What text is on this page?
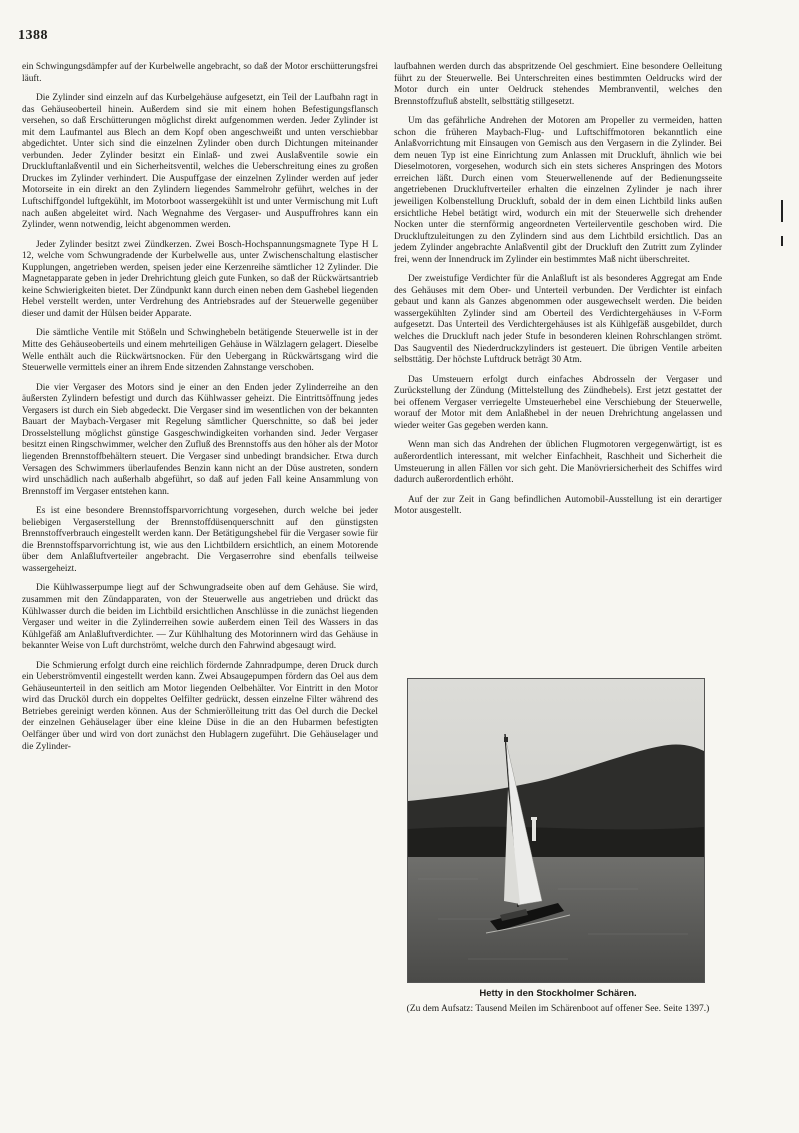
1388

ein Schwingungsdämpfer auf der Kurbelwelle angebracht, so daß der Motor erschütterungsfrei läuft.

Die Zylinder sind einzeln auf das Kurbelgehäuse aufgesetzt, ein Teil der Laufbahn ragt in das Gehäuseoberteil hinein. Außerdem sind sie mit einem hohen Befestigungsflansch versehen, so daß Erschütterungen möglichst direkt aufgenommen werden. Jeder Zylinder ist mit dem Laufmantel aus Blech an dem Kopf oben angeschweißt und unten verschiebbar abgedichtet. Unter sich sind die einzelnen Zylinder oben durch Dichtungen miteinander verbunden. Jeder Zylinder besitzt ein Einlaß- und zwei Auslaßventile sowie ein Druckluftanlaßventil und ein Sicherheitsventil, welches die Ueberschreitung eines zu großen Druckes im Zylinder verhindert. Die Auspuffgase der einzelnen Zylinder werden auf jeder Motorseite in ein direkt an den Zylindern liegendes Sammelrohr geführt, welches in der Luftschiffgondel luftgekühlt, im Motorboot wassergekühlt ist und unter Vermischung mit Luft nach außen abgeleitet wird. Nach Wegnahme des Vergaser- und Auspuffrohres kann ein Zylinder, wenn notwendig, leicht abgenommen werden.

Jeder Zylinder besitzt zwei Zündkerzen. Zwei Bosch-Hochspannungsmagnete Type H L 12, welche vom Schwungradende der Kurbelwelle aus, unter Zwischenschaltung elastischer Kupplungen, angetrieben werden, speisen jeder eine Kerzenreihe sämtlicher 12 Zylinder. Die Magnetapparate geben in jeder Drehrichtung gleich gute Funken, so daß der Rückwärtsantrieb keine Schwierigkeiten bietet. Der Zündpunkt kann durch einen neben dem Gashebel liegenden Hebel verstellt werden, unter Verdrehung des Antriebsrades auf der Steuerwelle gegenüber dieser und damit der Hülsen beider Apparate.

Die sämtliche Ventile mit Stößeln und Schwinghebeln betätigende Steuerwelle ist in der Mitte des Gehäuseoberteils und einem mehrteiligen Gehäuse in Wälzlagern gelagert. Dieselbe Welle enthält auch die Rückwärtsnocken. Für den Uebergang in Rückwärtsgang wird die Steuerwelle vermittels einer an ihrem Ende sitzenden Zahnstange verschoben.

Die vier Vergaser des Motors sind je einer an den Enden jeder Zylinderreihe an den äußersten Zylindern befestigt und durch das Kühlwasser geheizt. Die Eintrittsöffnung jedes Vergasers ist durch ein Sieb abgedeckt. Die Vergaser sind im wesentlichen von der bekannten Bauart der Maybach-Vergaser mit Regelung sämtlicher Querschnitte, so daß bei jeder Drosselstellung möglichst günstige Gasgeschwindigkeiten vorhanden sind. Jeder Vergaser besitzt einen Ringschwimmer, welcher den Zufluß des Brennstoffs aus den höher als der Motor liegenden Brennstoffbehältern steuert. Die Vergaser sind unbedingt brandsicher. Etwa durch Versagen des Schwimmers überlaufendes Benzin kann nicht an der Düse austreten, sondern wird unschädlich nach außerhalb abgeführt, so daß auf jeden Fall keine Ansammlung von Brennstoff im Vergaser entstehen kann.

Es ist eine besondere Brennstoffsparvorrichtung vorgesehen, durch welche bei jeder beliebigen Vergaserstellung der Brennstoffdüsenquerschnitt auf den günstigsten Brennstoffverbrauch eingestellt werden kann. Der Betätigungshebel für die Vergaser sowie für die Brennstoffsparvorrichtung ist, wie aus den Lichtbildern ersichtlich, an einem Motorende über dem Anlaßluftverteiler angebracht. Die Vergaserrohre sind ebenfalls teilweise wassergeheizt.

Die Kühlwasserpumpe liegt auf der Schwungradseite oben auf dem Gehäuse. Sie wird, zusammen mit den Zündapparaten, von der Steuerwelle aus angetrieben und drückt das Kühlwasser durch die beiden im Lichtbild ersichtlichen Anschlüsse in die zunächst liegenden Vergaser und weiter in die Zylinderreihen sowie außerdem einen Teil des Wassers in das Kühlgefäß am Anlaßluftverdichter. — Zur Kühlhaltung des Motorinnern wird das Gehäuse in bekannter Weise von Luft durchströmt, welche durch den Fahrwind abgesaugt wird.

Die Schmierung erfolgt durch eine reichlich fördernde Zahnradpumpe, deren Druck durch ein Ueberströmventil eingestellt werden kann. Zwei Absaugepumpen fördern das Oel aus dem Gehäuseunterteil in den seitlich am Motor liegenden Oelbehälter. Vor Eintritt in den Motor wird das Drucköl durch ein doppeltes Oelfilter gedrückt, dessen einzelne Filter während des Betriebes gereinigt werden können. Aus der Schmierölleitung tritt das Oel durch die Deckel der einzelnen Gehäuselager über eine kleine Düse in die an den Hubarmen befestigten Oelfänger über und wird von dort zunächst den Hublagern zugeführt. Die Gehäuselager und die Zylinder-

laufbahnen werden durch das abspritzende Oel geschmiert. Eine besondere Oelleitung führt zu der Steuerwelle. Bei Unterschreiten eines bestimmten Oeldrucks wird der Motor durch ein unter Oeldruck stehendes Membranventil, welches den Brennstoffzufluß abstellt, selbsttätig stillgesetzt.

Um das gefährliche Andrehen der Motoren am Propeller zu vermeiden, hatten schon die früheren Maybach-Flug- und Luftschiffmotoren bekanntlich eine Anlaßvorrichtung mit Einsaugen von Gemisch aus den Vergasern in die Zylinder. Bei dem neuen Typ ist eine Einrichtung zum Anlassen mit Druckluft, ähnlich wie bei Dieselmotoren, vorgesehen, wodurch sich ein stets sicheres Anspringen des Motors erreichen läßt. Durch einen vom Steuerwellenende auf der Bedienungsseite angetriebenen Druckluftverteiler erhalten die einzelnen Zylinder je nach ihrer jeweiligen Kolbenstellung Druckluft, sobald der in dem einen Lichtbild links außen ersichtliche Hebel betätigt wird, wodurch ein mit der Steuerwelle sich drehender Nocken unter die sternförmig angeordneten Verteilerventile geschoben wird. Die Druckluftzuleitungen zu den Zylindern sind aus dem Lichtbild ersichtlich. Das an jedem Zylinder angebrachte Anlaßventil gibt der Druckluft den Zutritt zum Zylinder frei, wenn der Innendruck im Zylinder ein bestimmtes Maß nicht überschreitet.

Der zweistufige Verdichter für die Anlaßluft ist als besonderes Aggregat am Ende des Gehäuses mit dem Ober- und Unterteil verbunden. Der Verdichter ist einfach gebaut und kann als Ganzes abgenommen oder ausgewechselt werden. Die beiden wassergekühlten Zylinder sind am Oberteil des Verdichtergehäuses in V-Form aufgesetzt. Das Unterteil des Verdichtergehäuses ist als Kühlgefäß ausgebildet, durch welches die Druckluft nach jeder Stufe in besonderen kleinen Rohrschlangen strömt. Das Saugventil des Niederdruckzylinders ist gesteuert. Die übrigen Ventile arbeiten selbsttätig. Der höchste Luftdruck beträgt 30 Atm.

Das Umsteuern erfolgt durch einfaches Abdrosseln der Vergaser und Zurückstellung der Zündung (Mittelstellung des Zündhebels). Erst jetzt gestattet der bei offenem Vergaser verriegelte Umsteuerhebel eine Verschiebung der Steuerwelle, worauf der Motor mit dem Anlaßhebel in der neuen Drehrichtung angelassen und wieder weiter Gas gegeben werden kann.

Wenn man sich das Andrehen der üblichen Flugmotoren vergegenwärtigt, ist es außerordentlich interessant, mit welcher Einfachheit, Raschheit und Sicherheit die Umsteuerung in allen Fällen vor sich geht. Die Manövriersicherheit des Schiffes wird dadurch außerordentlich erhöht.

Auf der zur Zeit in Gang befindlichen Automobil-Ausstellung ist ein derartiger Motor ausgestellt.

Hetty in den Stockholmer Schären.
(Zu dem Aufsatz: Tausend Meilen im Schärenboot auf offener See. Seite 1397.)
